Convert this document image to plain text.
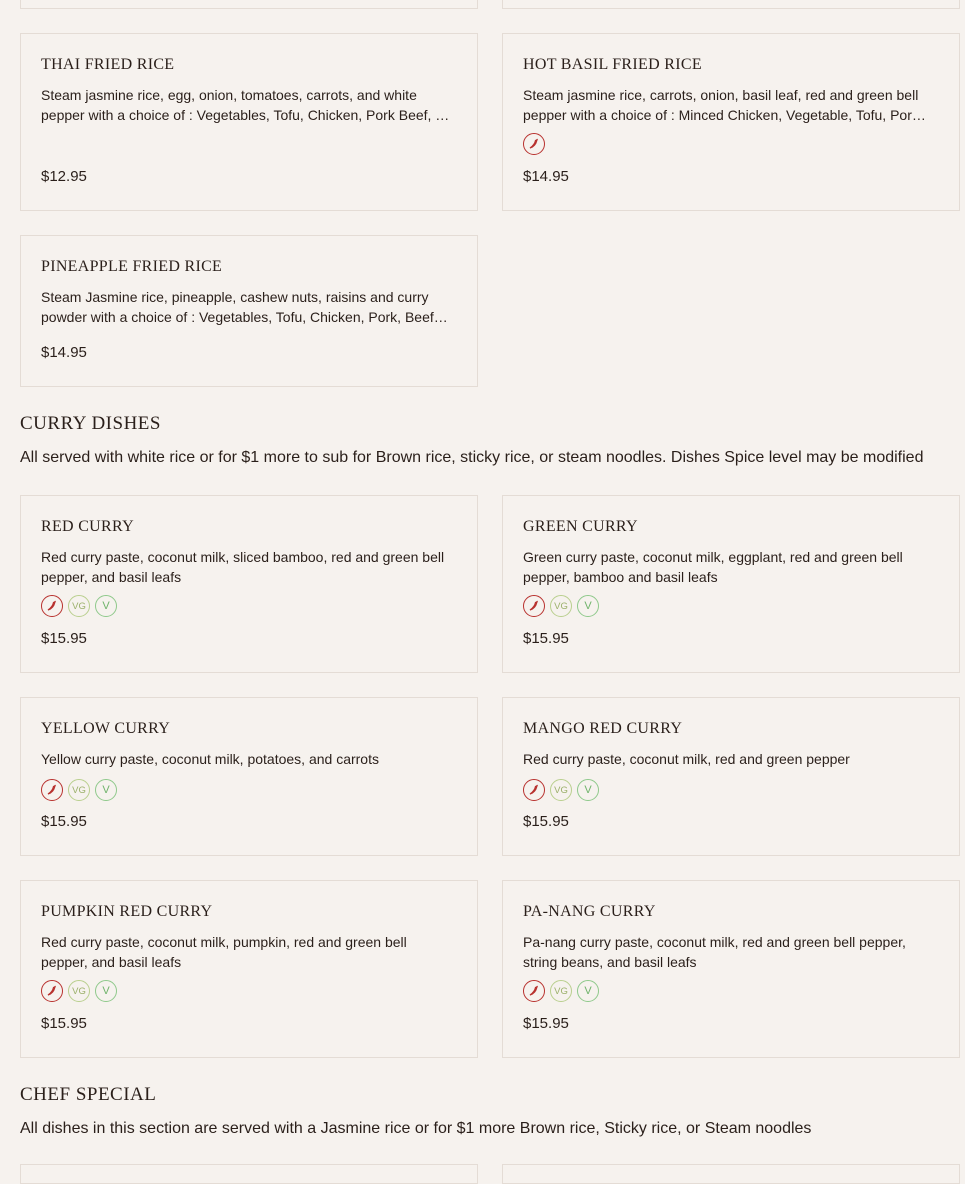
THAI FRIED RICE
Steam jasmine rice, egg, onion, tomatoes, carrots, and white pepper with a choice of : Vegetables, Tofu, Chicken, Pork Beef, …
$12.95
HOT BASIL FRIED RICE
Steam jasmine rice, carrots, onion, basil leaf, red and green bell pepper with a choice of : Minced Chicken, Vegetable, Tofu, Por…
$14.95
PINEAPPLE FRIED RICE
Steam Jasmine rice, pineapple, cashew nuts, raisins and curry powder with a choice of : Vegetables, Tofu, Chicken, Pork, Beef…
$14.95
CURRY DISHES
All served with white rice or for $1 more to sub for Brown rice, sticky rice, or steam noodles. Dishes Spice level may be modified
RED CURRY
Red curry paste, coconut milk, sliced bamboo, red and green bell pepper, and basil leafs
VG	V
$15.95
GREEN CURRY
Green curry paste, coconut milk, eggplant, red and green bell pepper, bamboo and basil leafs
VG	V
$15.95
YELLOW CURRY
Yellow curry paste, coconut milk, potatoes, and carrots
VG	V
$15.95
MANGO RED CURRY
Red curry paste, coconut milk, red and green pepper
VG	V
$15.95
PUMPKIN RED CURRY
Red curry paste, coconut milk, pumpkin, red and green bell pepper, and basil leafs
VG	V
$15.95
PA-NANG CURRY
Pa-nang curry paste, coconut milk, red and green bell pepper, string beans, and basil leafs
VG	V
$15.95
CHEF SPECIAL
All dishes in this section are served with a Jasmine rice or for $1 more Brown rice, Sticky rice, or Steam noodles
